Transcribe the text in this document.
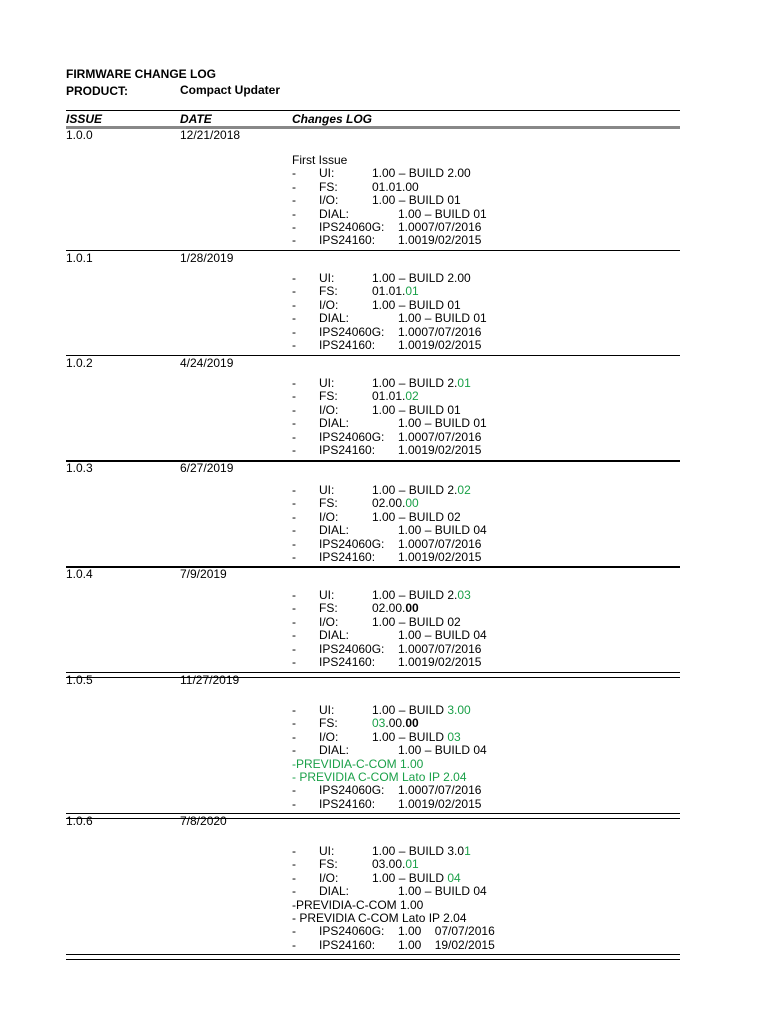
FIRMWARE CHANGE LOG
PRODUCT:	Compact Updater
ISSUE	DATE	Changes LOG
1.0.0	12/21/2018
First Issue
- UI:	1.00 – BUILD 2.00
- FS:	01.01.00
- I/O:	1.00 – BUILD 01
- DIAL:	1.00 – BUILD 01
- IPS24060G: 1.0007/07/2016
- IPS24160: 1.0019/02/2015
1.0.1	1/28/2019
- UI:	1.00 – BUILD 2.00
- FS:	01.01.01
- I/O:	1.00 – BUILD 01
- DIAL:	1.00 – BUILD 01
- IPS24060G: 1.0007/07/2016
- IPS24160: 1.0019/02/2015
1.0.2	4/24/2019
- UI:	1.00 – BUILD 2.01
- FS:	01.01.02
- I/O:	1.00 – BUILD 01
- DIAL:	1.00 – BUILD 01
- IPS24060G: 1.0007/07/2016
- IPS24160: 1.0019/02/2015
1.0.3	6/27/2019
- UI:	1.00 – BUILD 2.02
- FS:	02.00.00
- I/O:	1.00 – BUILD 02
- DIAL:	1.00 – BUILD 04
- IPS24060G: 1.0007/07/2016
- IPS24160: 1.0019/02/2015
1.0.4	7/9/2019
- UI:	1.00 – BUILD 2.03
- FS:	02.00.00
- I/O:	1.00 – BUILD 02
- DIAL:	1.00 – BUILD 04
- IPS24060G: 1.0007/07/2016
- IPS24160: 1.0019/02/2015
1.0.5	11/27/2019
- UI:	1.00 – BUILD 3.00
- FS:	03.00.00
- I/O:	1.00 – BUILD 03
- DIAL:	1.00 – BUILD 04
-PREVIDIA-C-COM 1.00
- PREVIDIA C-COM Lato IP 2.04
- IPS24060G: 1.0007/07/2016
- IPS24160: 1.0019/02/2015
1.0.6	7/8/2020
- UI:	1.00 – BUILD 3.01
- FS:	03.00.01
- I/O:	1.00 – BUILD 04
- DIAL:	1.00 – BUILD 04
-PREVIDIA-C-COM 1.00
- PREVIDIA C-COM Lato IP 2.04
- IPS24060G: 1.00    07/07/2016
- IPS24160: 1.00    19/02/2015
